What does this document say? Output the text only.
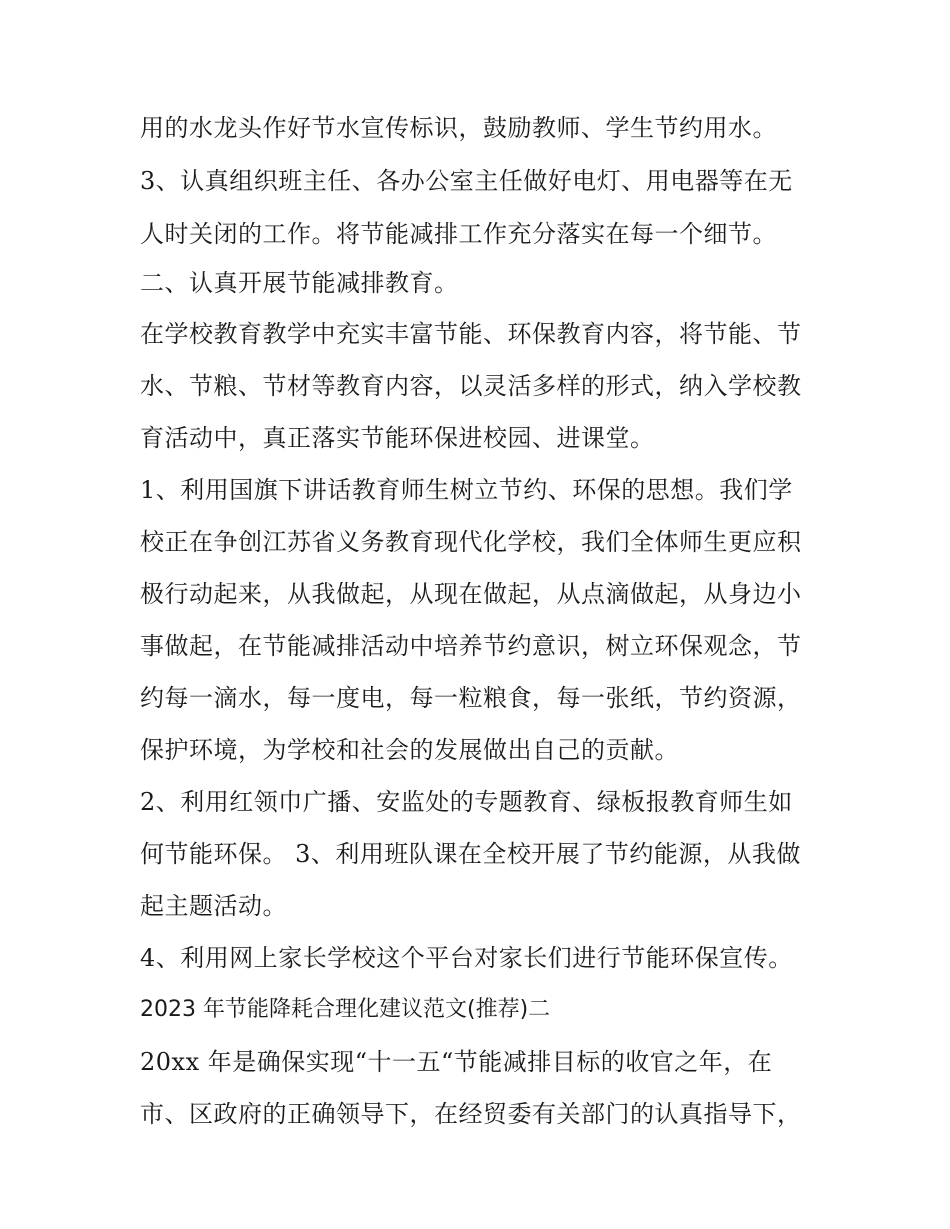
用的水龙头作好节水宣传标识，鼓励教师、学生节约用水。
3、认真组织班主任、各办公室主任做好电灯、用电器等在无
人时关闭的工作。将节能减排工作充分落实在每一个细节。
二、认真开展节能减排教育。
在学校教育教学中充实丰富节能、环保教育内容，将节能、节
水、节粮、节材等教育内容，以灵活多样的形式，纳入学校教
育活动中，真正落实节能环保进校园、进课堂。
1、利用国旗下讲话教育师生树立节约、环保的思想。我们学
校正在争创江苏省义务教育现代化学校，我们全体师生更应积
极行动起来，从我做起，从现在做起，从点滴做起，从身边小
事做起，在节能减排活动中培养节约意识，树立环保观念，节
约每一滴水，每一度电，每一粒粮食，每一张纸，节约资源，
保护环境，为学校和社会的发展做出自己的贡献。
2、利用红领巾广播、安监处的专题教育、绿板报教育师生如
何节能环保。 3、利用班队课在全校开展了节约能源，从我做
起主题活动。
4、利用网上家长学校这个平台对家长们进行节能环保宣传。
2023 年节能降耗合理化建议范文(推荐)二
20xx 年是确保实现“十一五“节能减排目标的收官之年，在
市、区政府的正确领导下，在经贸委有关部门的认真指导下，
